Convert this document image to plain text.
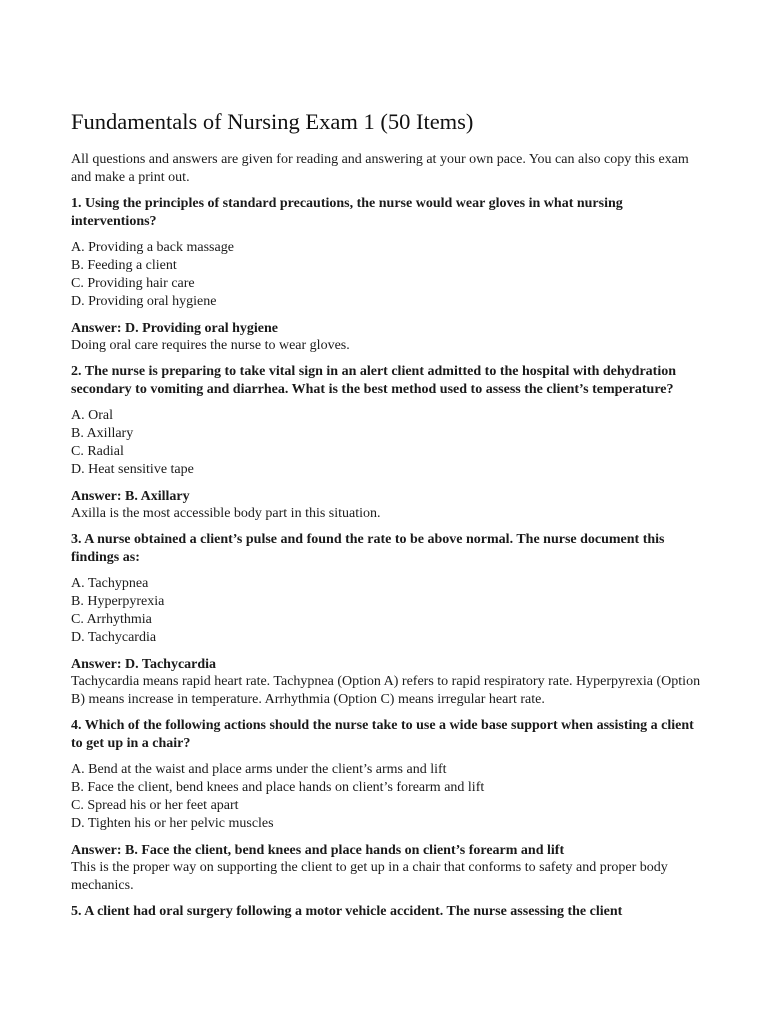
Fundamentals of Nursing Exam 1 (50 Items)

All questions and answers are given for reading and answering at your own pace. You can also copy this exam and make a print out.

1. Using the principles of standard precautions, the nurse would wear gloves in what nursing interventions?

A. Providing a back massage
B. Feeding a client
C. Providing hair care
D. Providing oral hygiene

Answer: D. Providing oral hygiene

Doing oral care requires the nurse to wear gloves.

2. The nurse is preparing to take vital sign in an alert client admitted to the hospital with dehydration secondary to vomiting and diarrhea. What is the best method used to assess the client’s temperature?

A. Oral
B. Axillary
C. Radial
D. Heat sensitive tape

Answer: B. Axillary

Axilla is the most accessible body part in this situation.

3. A nurse obtained a client’s pulse and found the rate to be above normal. The nurse document this findings as:

A. Tachypnea
B. Hyperpyrexia
C. Arrhythmia
D. Tachycardia

Answer: D. Tachycardia

Tachycardia means rapid heart rate. Tachypnea (Option A) refers to rapid respiratory rate. Hyperpyrexia (Option B) means increase in temperature. Arrhythmia (Option C) means irregular heart rate.

4. Which of the following actions should the nurse take to use a wide base support when assisting a client to get up in a chair?

A. Bend at the waist and place arms under the client’s arms and lift
B. Face the client, bend knees and place hands on client’s forearm and lift
C. Spread his or her feet apart
D. Tighten his or her pelvic muscles

Answer: B. Face the client, bend knees and place hands on client’s forearm and lift

This is the proper way on supporting the client to get up in a chair that conforms to safety and proper body mechanics.

5. A client had oral surgery following a motor vehicle accident. The nurse assessing the client
